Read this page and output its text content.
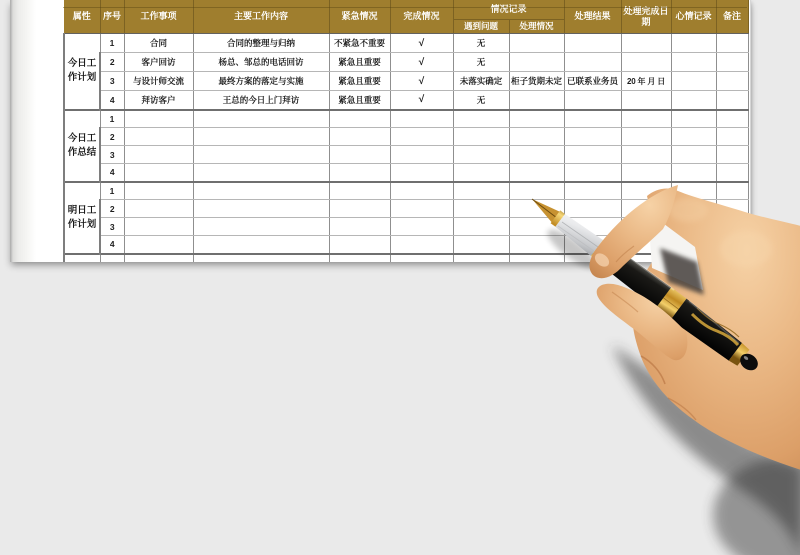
属性	序号	工作事项	主要工作内容	紧急情况	完成情况	情况记录		处理结果	处理完成日期	心情记录	备注
						遇到问题	处理情况				
今日工作计划	1	合同	合同的整理与归纳	不紧急不重要	√	无					
	2	客户回访	杨总、邹总的电话回访	紧急且重要	√	无					
	3	与设计师交流	最终方案的落定与实施	紧急且重要	√	未落实确定	柜子货期未定	已联系业务员	20 年 月 日		
	4	拜访客户	王总的今日上门拜访	紧急且重要	√	无					
今日工作总结	1										
	2										
	3										
	4										
明日工作计划	1										
	2										
	3										
	4										
